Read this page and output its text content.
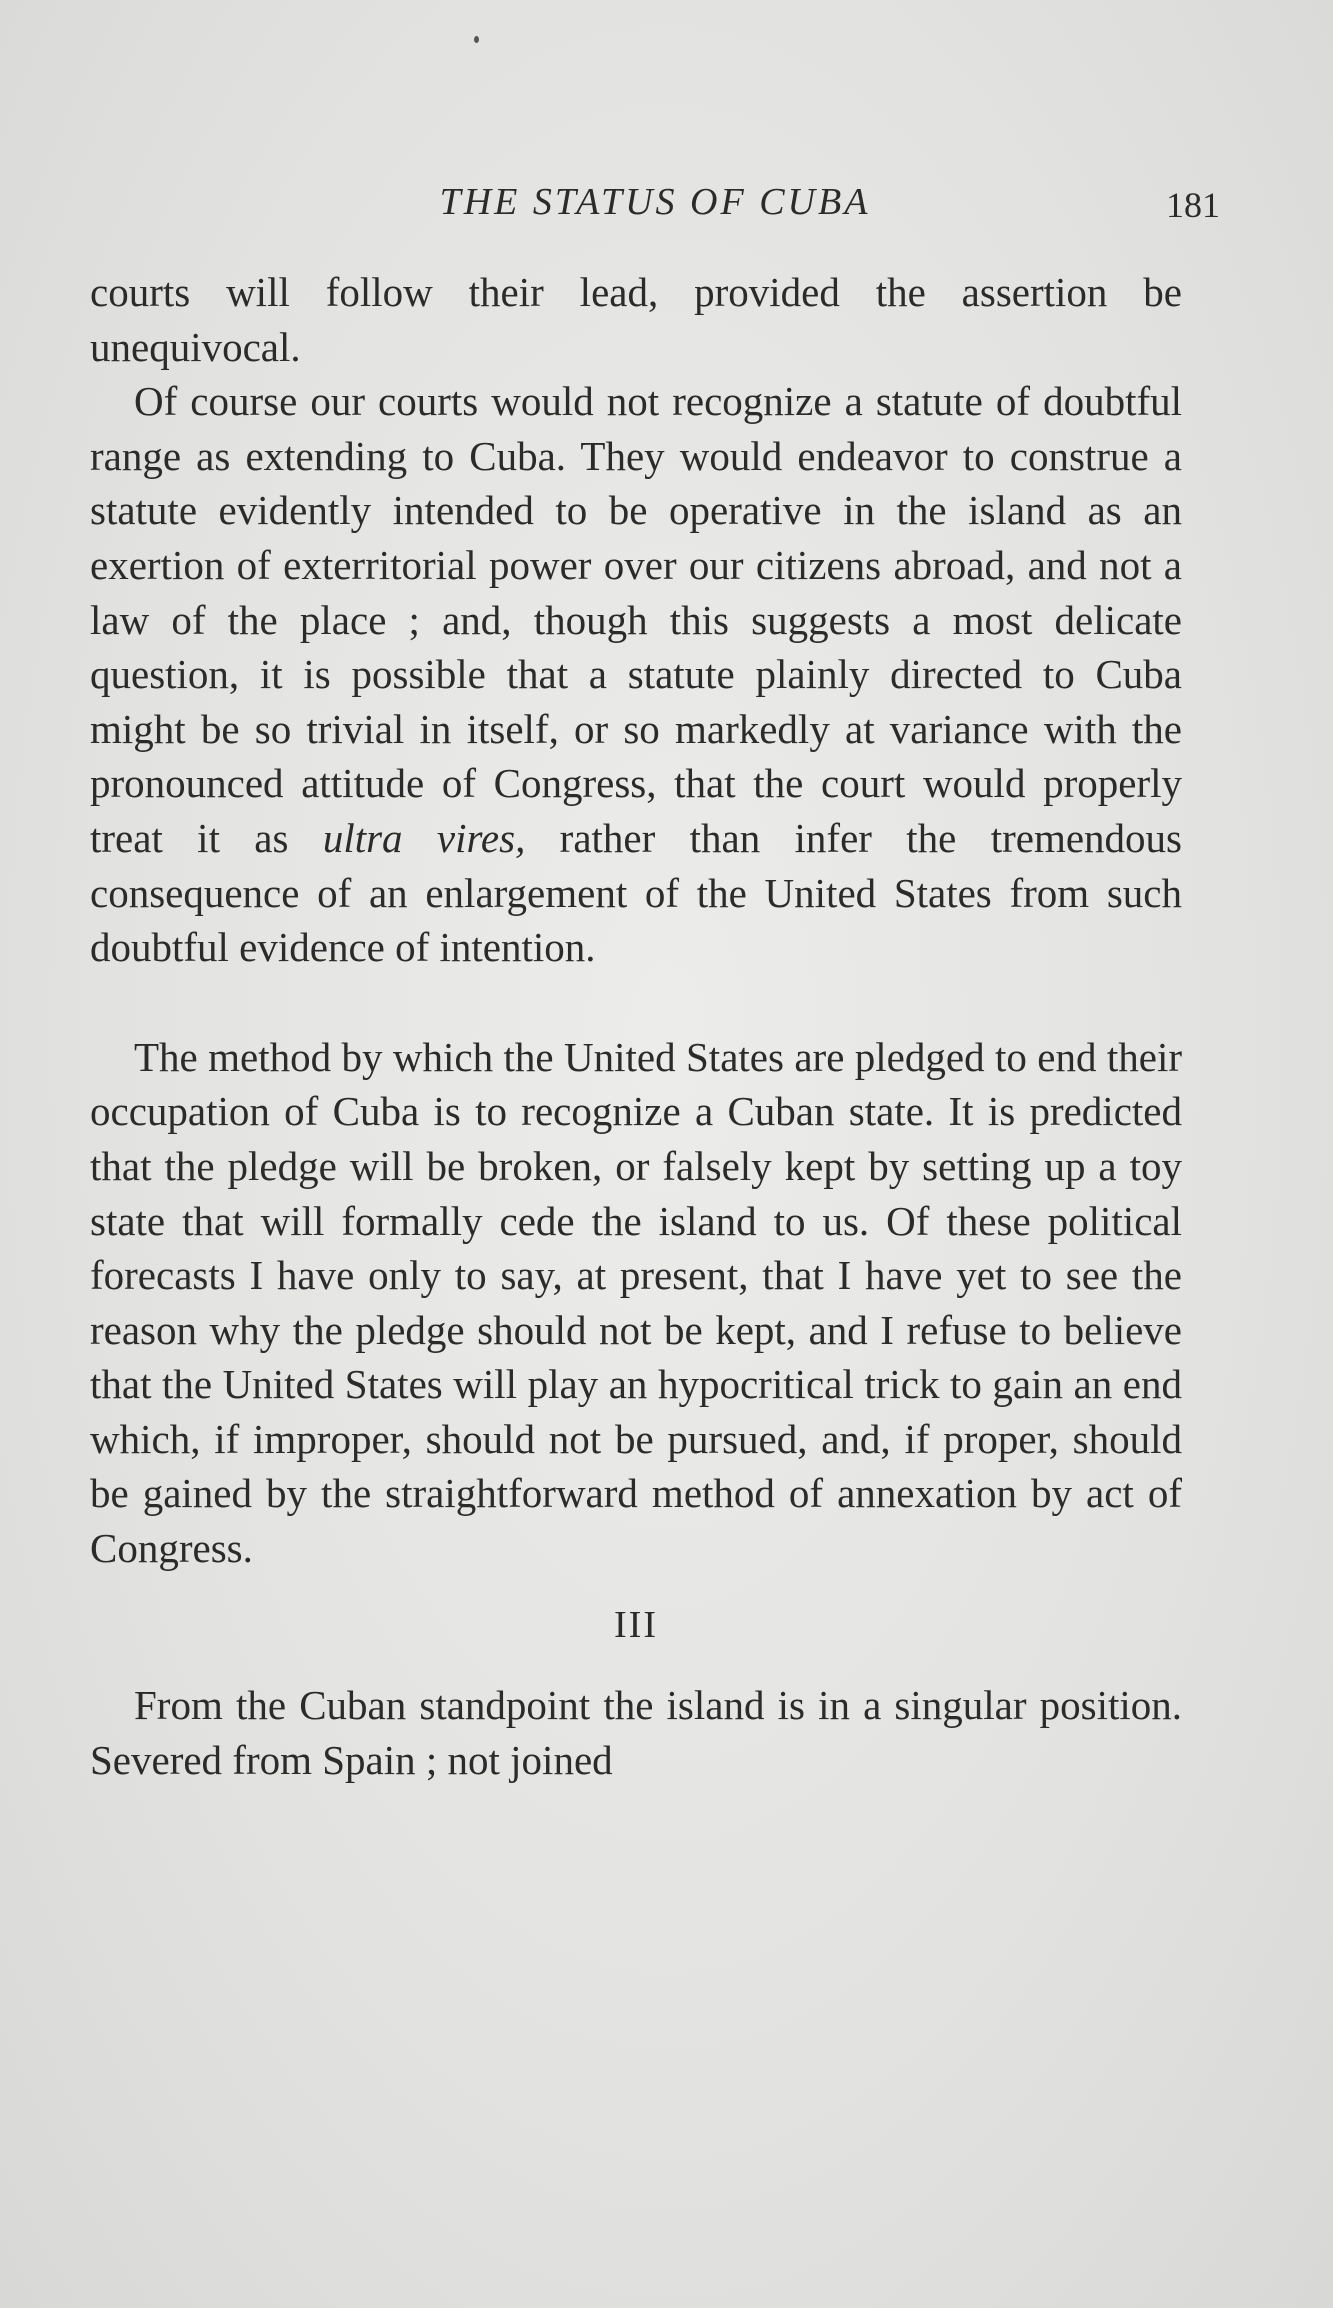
THE STATUS OF CUBA	181

courts will follow their lead, provided the assertion be unequivocal.

Of course our courts would not recognize a statute of doubtful range as extending to Cuba. They would endeavor to construe a statute evidently intended to be operative in the island as an exertion of exterritorial power over our citizens abroad, and not a law of the place ; and, though this suggests a most delicate question, it is possible that a statute plainly directed to Cuba might be so trivial in itself, or so markedly at variance with the pronounced attitude of Congress, that the court would properly treat it as ultra vires, rather than infer the tremendous consequence of an enlargement of the United States from such doubtful evidence of intention.

The method by which the United States are pledged to end their occupation of Cuba is to recognize a Cuban state. It is predicted that the pledge will be broken, or falsely kept by setting up a toy state that will formally cede the island to us. Of these political forecasts I have only to say, at present, that I have yet to see the reason why the pledge should not be kept, and I refuse to believe that the United States will play an hypocritical trick to gain an end which, if improper, should not be pursued, and, if proper, should be gained by the straightforward method of annexation by act of Congress.

III

From the Cuban standpoint the island is in a singular position. Severed from Spain ; not joined
